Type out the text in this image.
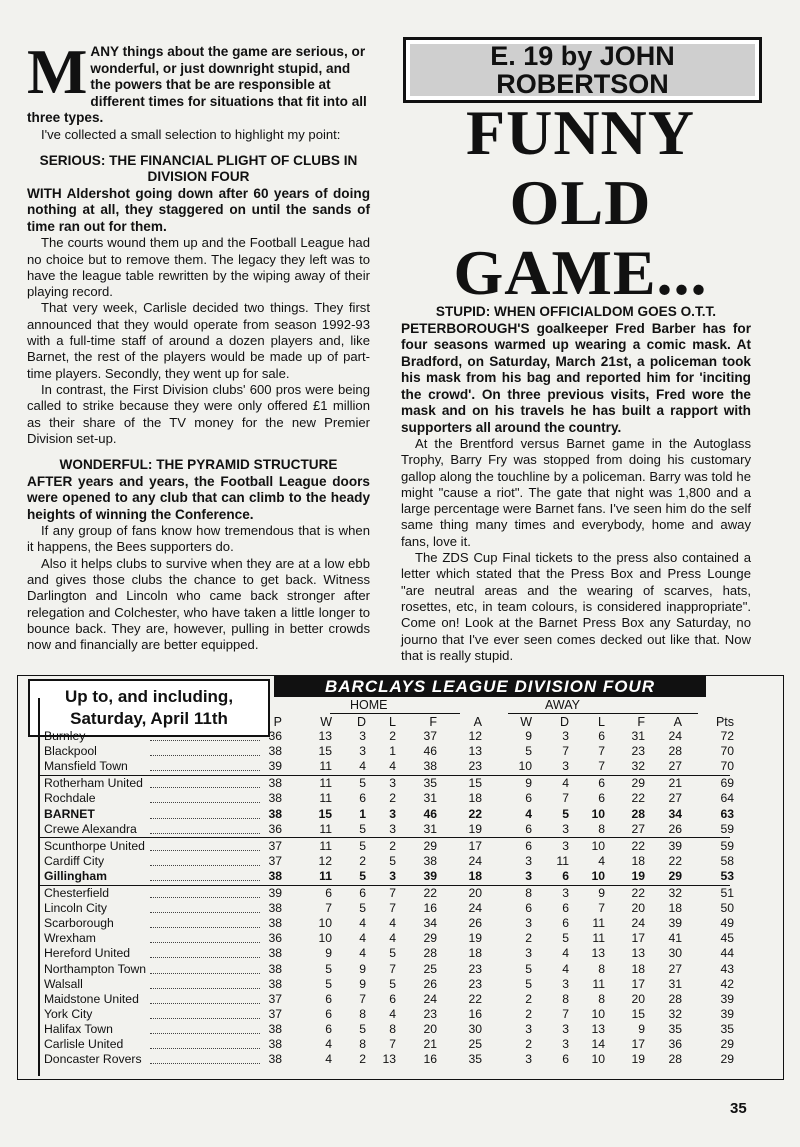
M ANY things about the game are serious, or wonderful, or just downright stupid, and the powers that be are responsible at different times for situations that fit into all three types.

I've collected a small selection to highlight my point:

SERIOUS: THE FINANCIAL PLIGHT OF CLUBS IN DIVISION FOUR

WITH Aldershot going down after 60 years of doing nothing at all, they staggered on until the sands of time ran out for them.

The courts wound them up and the Football League had no choice but to remove them. The legacy they left was to have the league table rewritten by the wiping away of their playing record.

That very week, Carlisle decided two things. They first announced that they would operate from season 1992-93 with a full-time staff of around a dozen players and, like Barnet, the rest of the players would be made up of part-time players. Secondly, they went up for sale.

In contrast, the First Division clubs' 600 pros were being called to strike because they were only offered £1 million as their share of the TV money for the new Premier Division set-up.

WONDERFUL: THE PYRAMID STRUCTURE

AFTER years and years, the Football League doors were opened to any club that can climb to the heady heights of winning the Conference.

If any group of fans know how tremendous that is when it happens, the Bees supporters do.

Also it helps clubs to survive when they are at a low ebb and gives those clubs the chance to get back. Witness Darlington and Lincoln who came back stronger after relegation and Colchester, who have taken a little longer to bounce back. They are, however, pulling in better crowds now and financially are better equipped.

E. 19 by JOHN ROBERTSON
FUNNY OLD GAME...

STUPID: WHEN OFFICIALDOM GOES O.T.T.

PETERBOROUGH'S goalkeeper Fred Barber has for four seasons warmed up wearing a comic mask. At Bradford, on Saturday, March 21st, a policeman took his mask from his bag and reported him for 'inciting the crowd'. On three previous visits, Fred wore the mask and on his travels he has built a rapport with supporters all around the country.

At the Brentford versus Barnet game in the Autoglass Trophy, Barry Fry was stopped from doing his customary gallop along the touchline by a policeman. Barry was told he might "cause a riot". The gate that night was 1,800 and a large percentage were Barnet fans. I've seen him do the self same thing many times and everybody, home and away fans, love it.

The ZDS Cup Final tickets to the press also contained a letter which stated that the Press Box and Press Lounge "are neutral areas and the wearing of scarves, hats, rosettes, etc, in team colours, is considered inappropriate". Come on! Look at the Barnet Press Box any Saturday, no journo that I've ever seen comes decked out like that. Now that is really stupid.

Up to, and including,
Saturday, April 11th
BARCLAYS LEAGUE DIVISION FOUR
HOME	AWAY
P	W	D	L	F	A	W	D	L	F	A	Pts
Burnley	36	13	3	2	37	12	9	3	6	31	24	72
Blackpool	38	15	3	1	46	13	5	7	7	23	28	70
Mansfield Town	39	11	4	4	38	23	10	3	7	32	27	70
Rotherham United	38	11	5	3	35	15	9	4	6	29	21	69
Rochdale	38	11	6	2	31	18	6	7	6	22	27	64
BARNET	38	15	1	3	46	22	4	5	10	28	34	63
Crewe Alexandra	36	11	5	3	31	19	6	3	8	27	26	59
Scunthorpe United	37	11	5	2	29	17	6	3	10	22	39	59
Cardiff City	37	12	2	5	38	24	3	11	4	18	22	58
Gillingham	38	11	5	3	39	18	3	6	10	19	29	53
Chesterfield	39	6	6	7	22	20	8	3	9	22	32	51
Lincoln City	38	7	5	7	16	24	6	6	7	20	18	50
Scarborough	38	10	4	4	34	26	3	6	11	24	39	49
Wrexham	36	10	4	4	29	19	2	5	11	17	41	45
Hereford United	38	9	4	5	28	18	3	4	13	13	30	44
Northampton Town	38	5	9	7	25	23	5	4	8	18	27	43
Walsall	38	5	9	5	26	23	5	3	11	17	31	42
Maidstone United	37	6	7	6	24	22	2	8	8	20	28	39
York City	37	6	8	4	23	16	2	7	10	15	32	39
Halifax Town	38	6	5	8	20	30	3	3	13	9	35	35
Carlisle United	38	4	8	7	21	25	2	3	14	17	36	29
Doncaster Rovers	38	4	2	13	16	35	3	6	10	19	28	29
35
